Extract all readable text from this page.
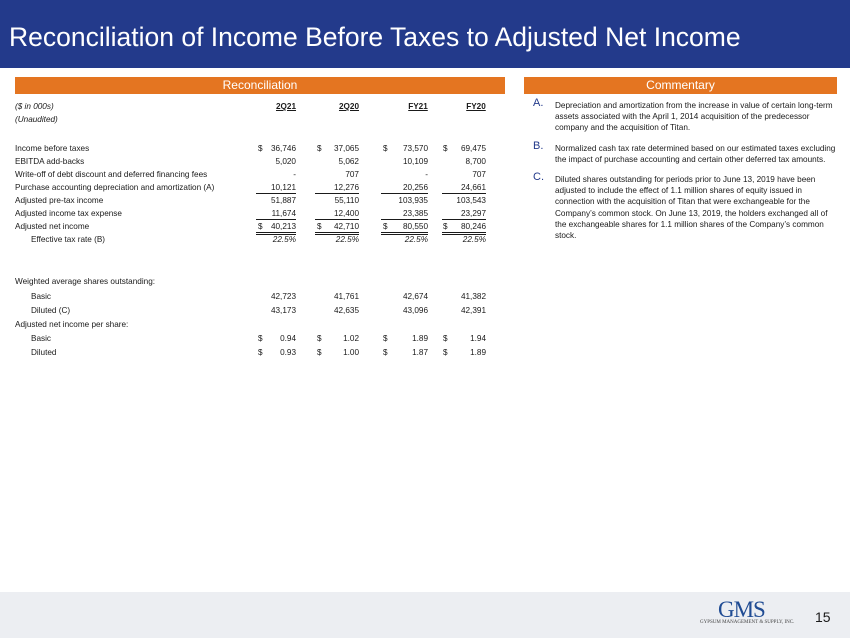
Reconciliation of Income Before Taxes to Adjusted Net Income
Reconciliation	Commentary
($ in 000s)	2Q21	2Q20	FY21	FY20
(Unaudited)
Income before taxes	$	36,746	$	37,065	$	73,570 $	69,475
EBITDA add-backs	5,020	5,062	10,109	8,700
Write-off of debt discount and deferred financing fees	-	707	-	707
Purchase accounting depreciation and amortization (A)	10,121	12,276	20,256	24,661
Adjusted pre-tax income	51,887	55,110	103,935	103,543
Adjusted income tax expense	11,674	12,400	23,385	23,297
Adjusted net income	$	40,213	$	42,710	$	80,550 $	80,246
Effective tax rate (B)	22.5%	22.5%	22.5%	22.5%
Weighted average shares outstanding:
Basic	42,723	41,761	42,674	41,382
Diluted (C)	43,173	42,635	43,096	42,391
Adjusted net income per share:
Basic	$	0.94	$	1.02	$	1.89 $	1.94
Diluted	$	0.93	$	1.00	$	1.87 $	1.89
A. Depreciation and amortization from the increase in value of certain long-term assets associated with the April 1, 2014 acquisition of the predecessor company and the acquisition of Titan.
B. Normalized cash tax rate determined based on our estimated taxes excluding the impact of purchase accounting and certain other deferred tax amounts.
C. Diluted shares outstanding for periods prior to June 13, 2019 have been adjusted to include the effect of 1.1 million shares of equity issued in connection with the acquisition of Titan that were exchangeable for the Company’s common stock. On June 13, 2019, the holders exchanged all of the exchangeable shares for 1.1 million shares of the Company’s common stock.
GMS
GYPSUM MANAGEMENT & SUPPLY, INC. 15
